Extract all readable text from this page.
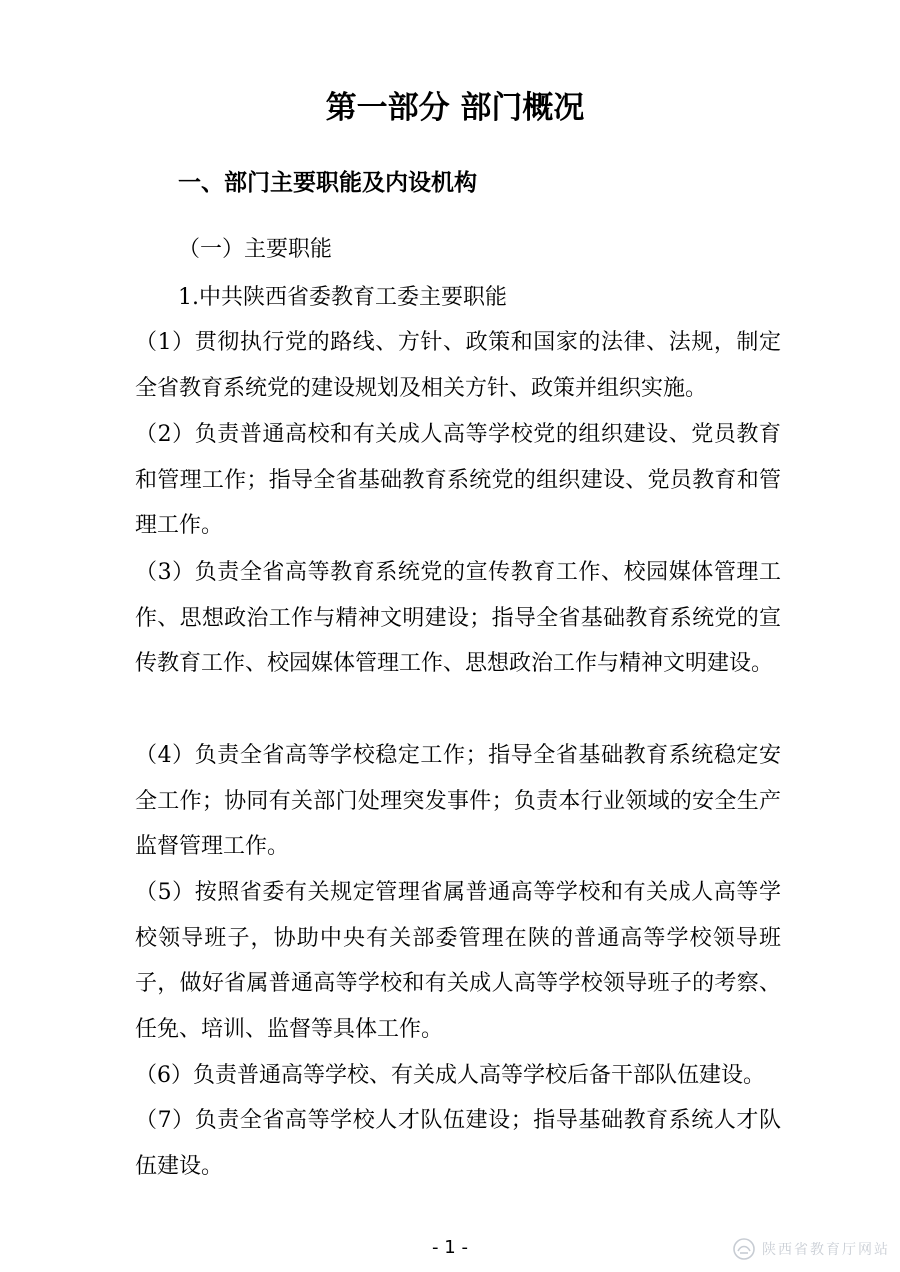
第一部分 部门概况
一、部门主要职能及内设机构

（一）主要职能

1.中共陕西省委教育工委主要职能

（1）贯彻执行党的路线、方针、政策和国家的法律、法规，制定全省教育系统党的建设规划及相关方针、政策并组织实施。

（2）负责普通高校和有关成人高等学校党的组织建设、党员教育和管理工作；指导全省基础教育系统党的组织建设、党员教育和管理工作。

（3）负责全省高等教育系统党的宣传教育工作、校园媒体管理工作、思想政治工作与精神文明建设；指导全省基础教育系统党的宣传教育工作、校园媒体管理工作、思想政治工作与精神文明建设。

（4）负责全省高等学校稳定工作；指导全省基础教育系统稳定安全工作；协同有关部门处理突发事件；负责本行业领域的安全生产监督管理工作。

（5）按照省委有关规定管理省属普通高等学校和有关成人高等学校领导班子，协助中央有关部委管理在陕的普通高等学校领导班子，做好省属普通高等学校和有关成人高等学校领导班子的考察、任免、培训、监督等具体工作。

（6）负责普通高等学校、有关成人高等学校后备干部队伍建设。

（7）负责全省高等学校人才队伍建设；指导基础教育系统人才队伍建设。

- 1 -	陕西省教育厅网站
